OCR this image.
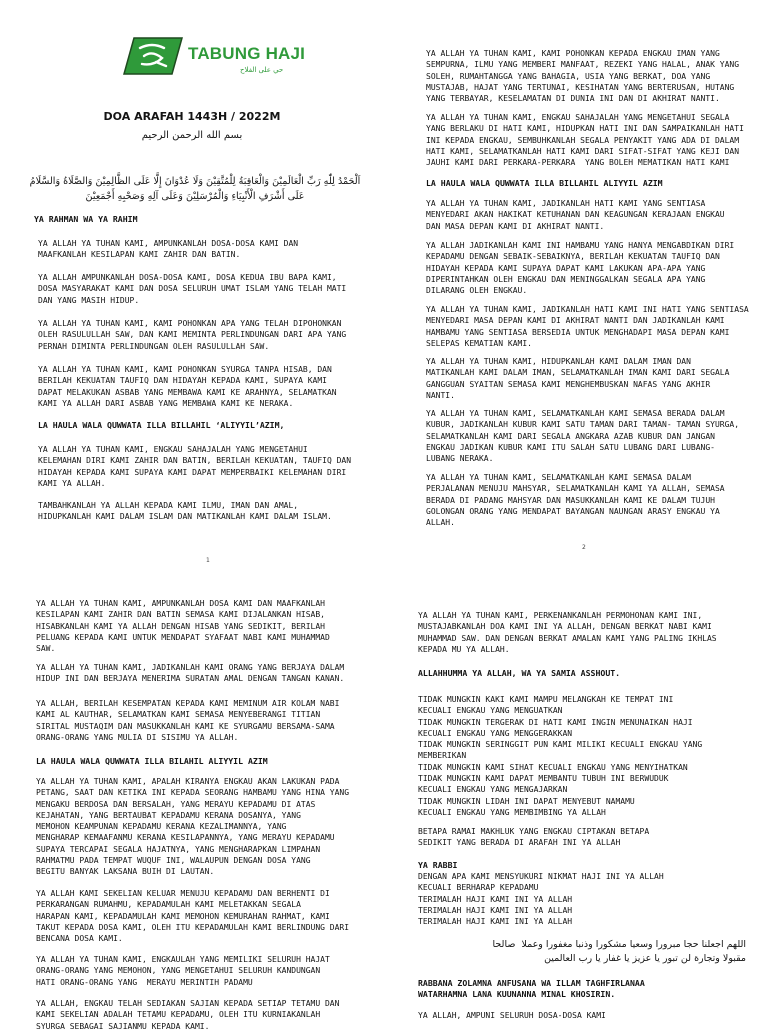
TABUNG HAJI
حي على الفلاح
DOA ARAFAH 1443H / 2022M
بسم الله الرحمن الرحيم
اَلْحَمْدُ لِلّٰهِ رَبِّ الْعَالَمِيْنَ وَالْعَاقِبَةُ لِلْمُتَّقِيْنَ وَلَا عُدْوَانَ إِلَّا عَلَى الظَّالِمِيْنَ وَالصَّلَاةُ وَالسَّلَامُ
عَلَى أَشْرَفِ الْأَنْبِيَاءِ وَالْمُرْسَلِيْنَ وَعَلَى آلِهِ وَصَحْبِهِ أَجْمَعِيْنَ
YA RAHMAN WA YA RAHIM
YA ALLAH YA TUHAN KAMI, AMPUNKANLAH DOSA-DOSA KAMI DAN
MAAFKANLAH KESILAPAN KAMI ZAHIR DAN BATIN.
YA ALLAH AMPUNKANLAH DOSA-DOSA KAMI, DOSA KEDUA IBU BAPA KAMI,
DOSA MASYARAKAT KAMI DAN DOSA SELURUH UMAT ISLAM YANG TELAH MATI
DAN YANG MASIH HIDUP.
YA ALLAH YA TUHAN KAMI, KAMI POHONKAN APA YANG TELAH DIPOHONKAN
OLEH RASULULLAH SAW, DAN KAMI MEMINTA PERLINDUNGAN DARI APA YANG
PERNAH DIMINTA PERLINDUNGAN OLEH RASULULLAH SAW.
YA ALLAH YA TUHAN KAMI, KAMI POHONKAN SYURGA TANPA HISAB, DAN
BERILAH KEKUATAN TAUFIQ DAN HIDAYAH KEPADA KAMI, SUPAYA KAMI
DAPAT MELAKUKAN ASBAB YANG MEMBAWA KAMI KE ARAHNYA, SELAMATKAN
KAMI YA ALLAH DARI ASBAB YANG MEMBAWA KAMI KE NERAKA.
LA HAULA WALA QUWWATA ILLA BILLAHIL ‘ALIYYIL’AZIM,
YA ALLAH YA TUHAN KAMI, ENGKAU SAHAJALAH YANG MENGETAHUI
KELEMAHAN DIRI KAMI ZAHIR DAN BATIN, BERILAH KEKUATAN, TAUFIQ DAN
HIDAYAH KEPADA KAMI SUPAYA KAMI DAPAT MEMPERBAIKI KELEMAHAN DIRI
KAMI YA ALLAH.
TAMBAHKANLAH YA ALLAH KEPADA KAMI ILMU, IMAN DAN AMAL,
HIDUPKANLAH KAMI DALAM ISLAM DAN MATIKANLAH KAMI DALAM ISLAM.
1
YA ALLAH YA TUHAN KAMI, KAMI POHONKAN KEPADA ENGKAU IMAN YANG
SEMPURNA, ILMU YANG MEMBERI MANFAAT, REZEKI YANG HALAL, ANAK YANG
SOLEH, RUMAHTANGGA YANG BAHAGIA, USIA YANG BERKAT, DOA YANG
MUSTAJAB, HAJAT YANG TERTUNAI, KESIHATAN YANG BERTERUSAN, HUTANG
YANG TERBAYAR, KESELAMATAN DI DUNIA INI DAN DI AKHIRAT NANTI.
YA ALLAH YA TUHAN KAMI, ENGKAU SAHAJALAH YANG MENGETAHUI SEGALA
YANG BERLAKU DI HATI KAMI, HIDUPKAN HATI INI DAN SAMPAIKANLAH HATI
INI KEPADA ENGKAU, SEMBUHKANLAH SEGALA PENYAKIT YANG ADA DI DALAM
HATI KAMI, SELAMATKANLAH HATI KAMI DARI SIFAT-SIFAT YANG KEJI DAN
JAUHI KAMI DARI PERKARA-PERKARA  YANG BOLEH MEMATIKAN HATI KAMI
LA HAULA WALA QUWWATA ILLA BILLAHIL ALIYYIL AZIM
YA ALLAH YA TUHAN KAMI, JADIKANLAH HATI KAMI YANG SENTIASA
MENYEDARI AKAN HAKIKAT KETUHANAN DAN KEAGUNGAN KERAJAAN ENGKAU
DAN MASA DEPAN KAMI DI AKHIRAT NANTI.
YA ALLAH JADIKANLAH KAMI INI HAMBAMU YANG HANYA MENGABDIKAN DIRI
KEPADAMU DENGAN SEBAIK-SEBAIKNYA, BERILAH KEKUATAN TAUFIQ DAN
HIDAYAH KEPADA KAMI SUPAYA DAPAT KAMI LAKUKAN APA-APA YANG
DIPERINTAHKAN OLEH ENGKAU DAN MENINGGALKAN SEGALA APA YANG
DILARANG OLEH ENGKAU.
YA ALLAH YA TUHAN KAMI, JADIKANLAH HATI KAMI INI HATI YANG SENTIASA
MENYEDARI MASA DEPAN KAMI DI AKHIRAT NANTI DAN JADIKANLAH KAMI
HAMBAMU YANG SENTIASA BERSEDIA UNTUK MENGHADAPI MASA DEPAN KAMI
SELEPAS KEMATIAN KAMI.
YA ALLAH YA TUHAN KAMI, HIDUPKANLAH KAMI DALAM IMAN DAN
MATIKANLAH KAMI DALAM IMAN, SELAMATKANLAH IMAN KAMI DARI SEGALA
GANGGUAN SYAITAN SEMASA KAMI MENGHEMBUSKAN NAFAS YANG AKHIR
NANTI.
YA ALLAH YA TUHAN KAMI, SELAMATKANLAH KAMI SEMASA BERADA DALAM
KUBUR, JADIKANLAH KUBUR KAMI SATU TAMAN DARI TAMAN- TAMAN SYURGA,
SELAMATKANLAH KAMI DARI SEGALA ANGKARA AZAB KUBUR DAN JANGAN
ENGKAU JADIKAN KUBUR KAMI ITU SALAH SATU LUBANG DARI LUBANG-
LUBANG NERAKA.
YA ALLAH YA TUHAN KAMI, SELAMATKANLAH KAMI SEMASA DALAM
PERJALANAN MENUJU MAHSYAR, SELAMATKANLAH KAMI YA ALLAH, SEMASA
BERADA DI PADANG MAHSYAR DAN MASUKKANLAH KAMI KE DALAM TUJUH
GOLONGAN ORANG YANG MENDAPAT BAYANGAN NAUNGAN ARASY ENGKAU YA
ALLAH.
2
YA ALLAH YA TUHAN KAMI, AMPUNKANLAH DOSA KAMI DAN MAAFKANLAH
KESILAPAN KAMI ZAHIR DAN BATIN SEMASA KAMI DIJALANKAN HISAB,
HISABKANLAH KAMI YA ALLAH DENGAN HISAB YANG SEDIKIT, BERILAH
PELUANG KEPADA KAMI UNTUK MENDAPAT SYAFAAT NABI KAMI MUHAMMAD
SAW.
YA ALLAH YA TUHAN KAMI, JADIKANLAH KAMI ORANG YANG BERJAYA DALAM
HIDUP INI DAN BERJAYA MENERIMA SURATAN AMAL DENGAN TANGAN KANAN.
YA ALLAH, BERILAH KESEMPATAN KEPADA KAMI MEMINUM AIR KOLAM NABI
KAMI AL KAUTHAR, SELAMATKAN KAMI SEMASA MENYEBERANGI TITIAN
SIRITAL MUSTAQIM DAN MASUKKANLAH KAMI KE SYURGAMU BERSAMA-SAMA
ORANG-ORANG YANG MULIA DI SISIMU YA ALLAH.
LA HAULA WALA QUWWATA ILLA BILAHIL ALIYYIL AZIM
YA ALLAH YA TUHAN KAMI, APALAH KIRANYA ENGKAU AKAN LAKUKAN PADA
PETANG, SAAT DAN KETIKA INI KEPADA SEORANG HAMBAMU YANG HINA YANG
MENGAKU BERDOSA DAN BERSALAH, YANG MERAYU KEPADAMU DI ATAS
KEJAHATAN, YANG BERTAUBAT KEPADAMU KERANA DOSANYA, YANG
MEMOHON KEAMPUNAN KEPADAMU KERANA KEZALIMANNYA, YANG
MENGHARAP KEMAAFANMU KERANA KESILAPANNYA, YANG MERAYU KEPADAMU
SUPAYA TERCAPAI SEGALA HAJATNYA, YANG MENGHARAPKAN LIMPAHAN
RAHMATMU PADA TEMPAT WUQUF INI, WALAUPUN DENGAN DOSA YANG
BEGITU BANYAK LAKSANA BUIH DI LAUTAN.
YA ALLAH KAMI SEKELIAN KELUAR MENUJU KEPADAMU DAN BERHENTI DI
PERKARANGAN RUMAHMU, KEPADAMULAH KAMI MELETAKKAN SEGALA
HARAPAN KAMI, KEPADAMULAH KAMI MEMOHON KEMURAHAN RAHMAT, KAMI
TAKUT KEPADA DOSA KAMI, OLEH ITU KEPADAMULAH KAMI BERLINDUNG DARI
BENCANA DOSA KAMI.
YA ALLAH YA TUHAN KAMI, ENGKAULAH YANG MEMILIKI SELURUH HAJAT
ORANG-ORANG YANG MEMOHON, YANG MENGETAHUI SELURUH KANDUNGAN
HATI ORANG-ORANG YANG  MERAYU MERINTIH PADAMU
YA ALLAH, ENGKAU TELAH SEDIAKAN SAJIAN KEPADA SETIAP TETAMU DAN
KAMI SEKELIAN ADALAH TETAMU KEPADAMU, OLEH ITU KURNIAKANLAH
SYURGA SEBAGAI SAJIANMU KEPADA KAMI.
YA ALLAH YA TUHAN KAMI, PERKENANKANLAH PERMOHONAN KAMI INI,
MUSTAJABKANLAH DOA KAMI INI YA ALLAH, DENGAN BERKAT NABI KAMI
MUHAMMAD SAW. DAN DENGAN BERKAT AMALAN KAMI YANG PALING IKHLAS
KEPADA MU YA ALLAH.
ALLAHHUMMA YA ALLAH, WA YA SAMIA ASSHOUT.
TIDAK MUNGKIN KAKI KAMI MAMPU MELANGKAH KE TEMPAT INI
KECUALI ENGKAU YANG MENGUATKAN
TIDAK MUNGKIN TERGERAK DI HATI KAMI INGIN MENUNAIKAN HAJI
KECUALI ENGKAU YANG MENGGERAKKAN
TIDAK MUNGKIN SERINGGIT PUN KAMI MILIKI KECUALI ENGKAU YANG
MEMBERIKAN
TIDAK MUNGKIN KAMI SIHAT KECUALI ENGKAU YANG MENYIHATKAN
TIDAK MUNGKIN KAMI DAPAT MEMBANTU TUBUH INI BERWUDUK
KECUALI ENGKAU YANG MENGAJARKAN
TIDAK MUNGKIN LIDAH INI DAPAT MENYEBUT NAMAMU
KECUALI ENGKAU YANG MEMBIMBING YA ALLAH
BETAPA RAMAI MAKHLUK YANG ENGKAU CIPTAKAN BETAPA
SEDIKIT YANG BERADA DI ARAFAH INI YA ALLAH
YA RABBI
DENGAN APA KAMI MENSYUKURI NIKMAT HAJI INI YA ALLAH
KECUALI BERHARAP KEPADAMU
TERIMALAH HAJI KAMI INI YA ALLAH
TERIMALAH HAJI KAMI INI YA ALLAH
TERIMALAH HAJI KAMI INI YA ALLAH
اللهم اجعلنا حجا مبرورا وسعيا مشكورا وذنبا مغفورا وعملا  صالحا
مقبولا وتجارة لن تبور يا عزيز يا غفار يا رب العالمين
RABBANA ZOLAMNA ANFUSANA WA ILLAM TAGHFIRLANAA
WATARHAMNA LANA KUUNANNA MINAL KHOSIRIN.
YA ALLAH, AMPUNI SELURUH DOSA-DOSA KAMI
